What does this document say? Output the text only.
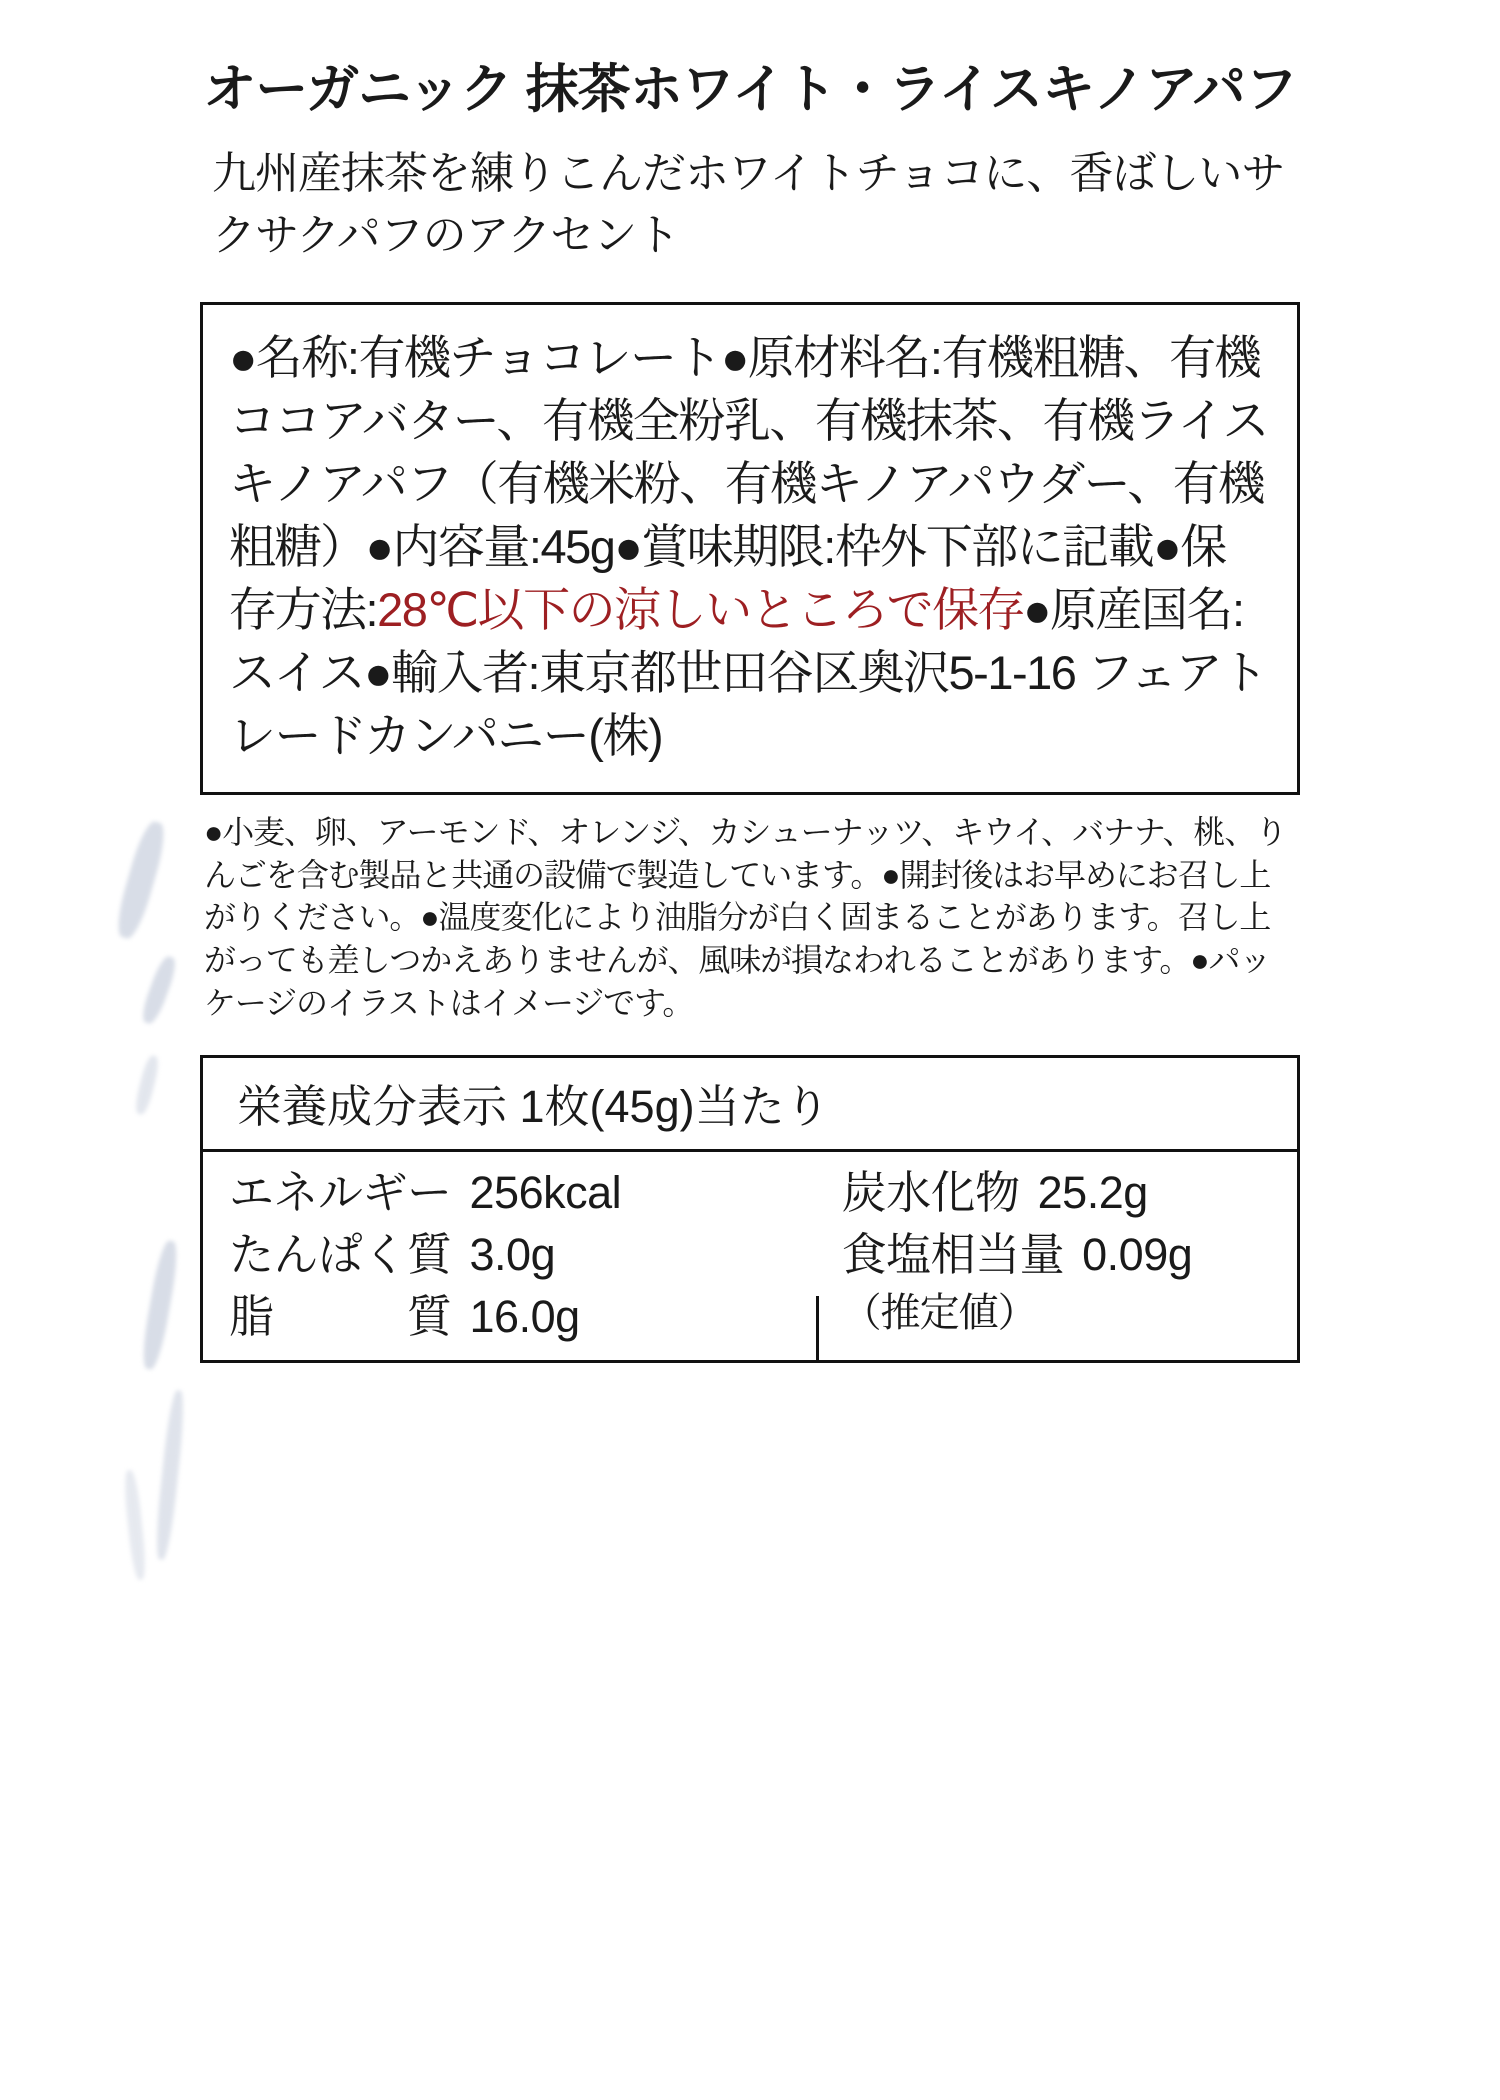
オーガニック 抹茶ホワイト・ライスキノアパフ

九州産抹茶を練りこんだホワイトチョコに、香ばしいサクサクパフのアクセント

●名称:有機チョコレート●原材料名:有機粗糖、有機ココアバター、有機全粉乳、有機抹茶、有機ライスキノアパフ（有機米粉、有機キノアパウダー、有機粗糖）●内容量:45g●賞味期限:枠外下部に記載●保存方法:28℃以下の涼しいところで保存●原産国名:スイス●輸入者:東京都世田谷区奥沢5-1-16 フェアトレードカンパニー(株)
●小麦、卵、アーモンド、オレンジ、カシューナッツ、キウイ、バナナ、桃、りんごを含む製品と共通の設備で製造しています。●開封後はお早めにお召し上がりください。●温度変化により油脂分が白く固まることがあります。召し上がっても差しつかえありませんが、風味が損なわれることがあります。●パッケージのイラストはイメージです。
栄養成分表示 1枚(45g)当たり
エネルギー 256kcal
たんぱく質 3.0g
脂　　　質 16.0g
炭水化物 25.2g
食塩相当量 0.09g
（推定値）
